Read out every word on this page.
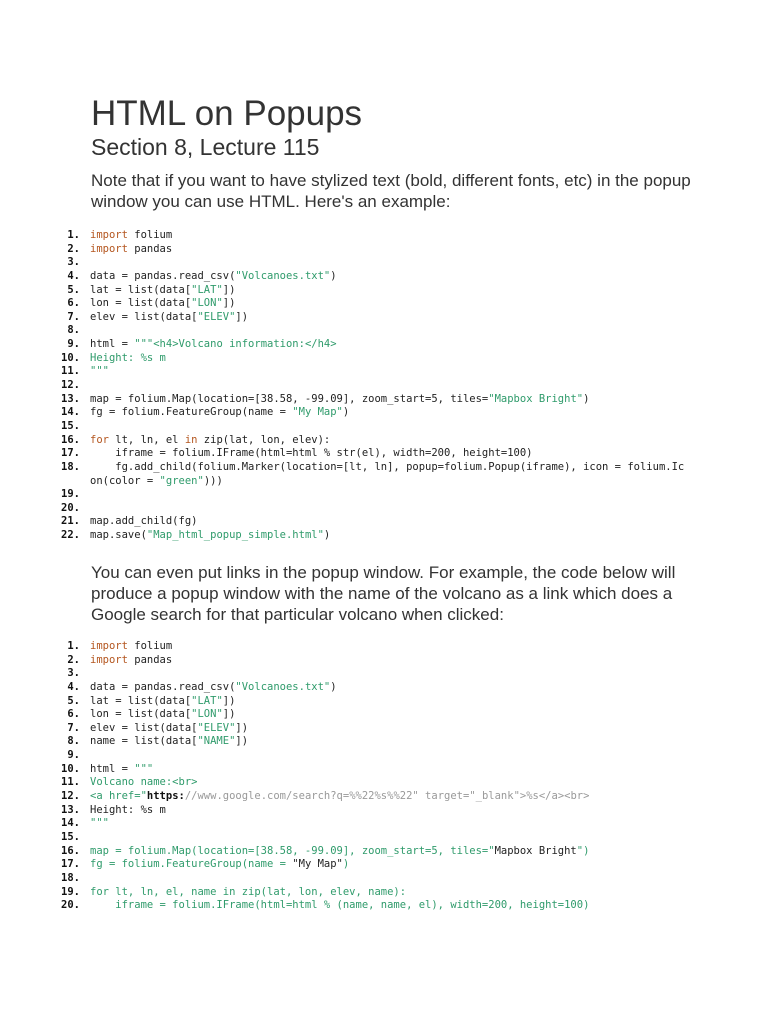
HTML on Popups
Section 8, Lecture 115

Note that if you want to have stylized text (bold, different fonts, etc) in the popup window you can use HTML. Here's an example:

1. import folium
2. import pandas
3.
4. data = pandas.read_csv("Volcanoes.txt")
5. lat = list(data["LAT"])
6. lon = list(data["LON"])
7. elev = list(data["ELEV"])
8.
9. html = """<h4>Volcano information:</h4>
10. Height: %s m
11. """
12.
13. map = folium.Map(location=[38.58, -99.09], zoom_start=5, tiles="Mapbox Bright")
14. fg = folium.FeatureGroup(name = "My Map")
15.
16. for lt, ln, el in zip(lat, lon, elev):
17. iframe = folium.IFrame(html=html % str(el), width=200, height=100)
18. fg.add_child(folium.Marker(location=[lt, ln], popup=folium.Popup(iframe), icon = folium.Ic
on(color = "green")))
19.
20.
21. map.add_child(fg)
22. map.save("Map_html_popup_simple.html")

You can even put links in the popup window. For example, the code below will produce a popup window with the name of the volcano as a link which does a Google search for that particular volcano when clicked:

1. import folium
2. import pandas
3.
4. data = pandas.read_csv("Volcanoes.txt")
5. lat = list(data["LAT"])
6. lon = list(data["LON"])
7. elev = list(data["ELEV"])
8. name = list(data["NAME"])
9.
10. html = """
11. Volcano name:<br>
12. <a href="https://www.google.com/search?q=%%22%s%%22" target="_blank">%s</a><br>
13. Height: %s m
14. """
15.
16. map = folium.Map(location=[38.58, -99.09], zoom_start=5, tiles="Mapbox Bright")
17. fg = folium.FeatureGroup(name = "My Map")
18.
19. for lt, ln, el, name in zip(lat, lon, elev, name):
20. iframe = folium.IFrame(html=html % (name, name, el), width=200, height=100)
